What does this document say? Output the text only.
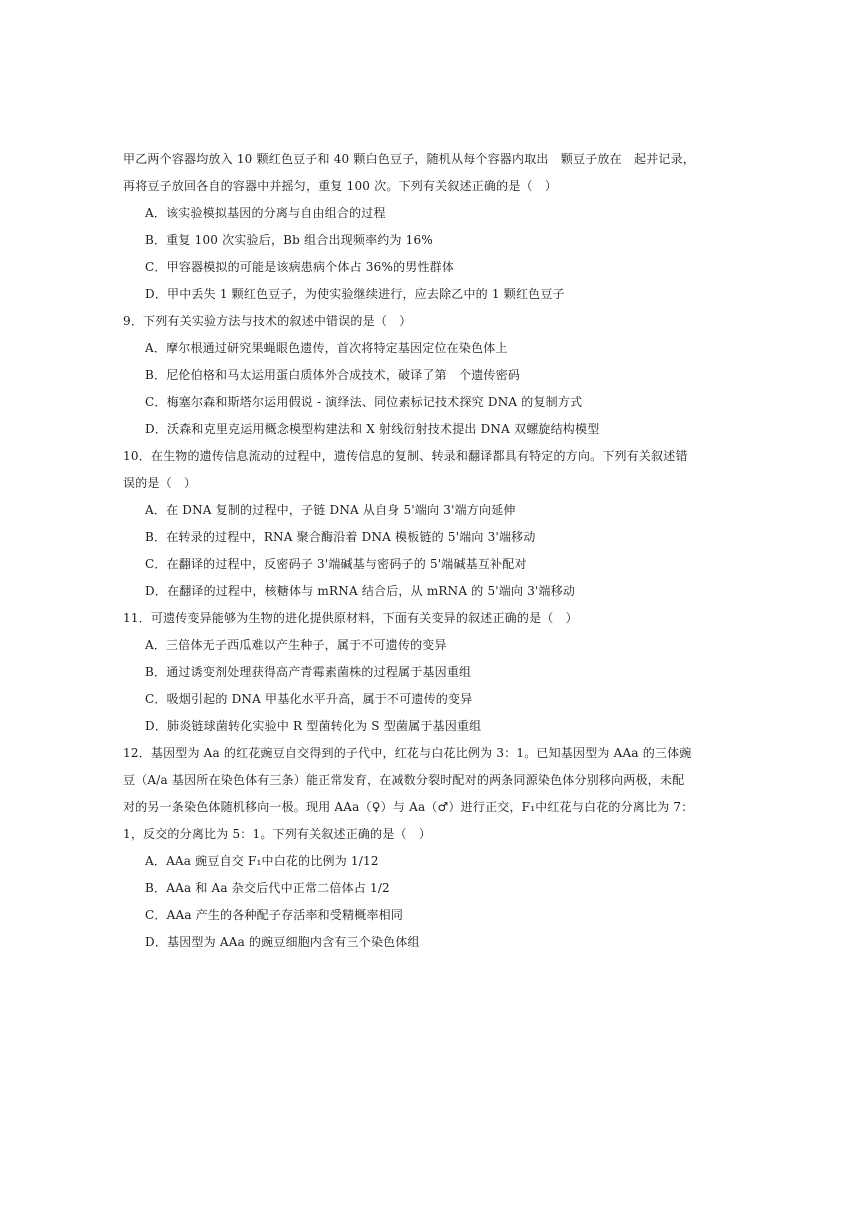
甲乙两个容器均放入 10 颗红色豆子和 40 颗白色豆子，随机从每个容器内取出　颗豆子放在　起并记录，
再将豆子放回各自的容器中并摇匀，重复 100 次。下列有关叙述正确的是（　）
A．该实验模拟基因的分离与自由组合的过程
B．重复 100 次实验后，Bb 组合出现频率约为 16%
C．甲容器模拟的可能是该病患病个体占 36%的男性群体
D．甲中丢失 1 颗红色豆子，为使实验继续进行，应去除乙中的 1 颗红色豆子
9．下列有关实验方法与技术的叙述中错误的是（　）
A．摩尔根通过研究果蝇眼色遗传，首次将特定基因定位在染色体上
B．尼伦伯格和马太运用蛋白质体外合成技术，破译了第　个遗传密码
C．梅塞尔森和斯塔尔运用假说 - 演绎法、同位素标记技术探究 DNA 的复制方式
D．沃森和克里克运用概念模型构建法和 X 射线衍射技术提出 DNA 双螺旋结构模型
10．在生物的遗传信息流动的过程中，遗传信息的复制、转录和翻译都具有特定的方向。下列有关叙述错
误的是（　）
A．在 DNA 复制的过程中，子链 DNA 从自身 5'端向 3'端方向延伸
B．在转录的过程中，RNA 聚合酶沿着 DNA 模板链的 5'端向 3'端移动
C．在翻译的过程中，反密码子 3'端碱基与密码子的 5'端碱基互补配对
D．在翻译的过程中，核糖体与 mRNA 结合后，从 mRNA 的 5'端向 3'端移动
11．可遗传变异能够为生物的进化提供原材料，下面有关变异的叙述正确的是（　）
A．三倍体无子西瓜难以产生种子，属于不可遗传的变异
B．通过诱变剂处理获得高产青霉素菌株的过程属于基因重组
C．吸烟引起的 DNA 甲基化水平升高，属于不可遗传的变异
D．肺炎链球菌转化实验中 R 型菌转化为 S 型菌属于基因重组
12．基因型为 Aa 的红花豌豆自交得到的子代中，红花与白花比例为 3：1。已知基因型为 AAa 的三体豌
豆（A/a 基因所在染色体有三条）能正常发育，在减数分裂时配对的两条同源染色体分别移向两极，未配
对的另一条染色体随机移向一极。现用 AAa（♀）与 Aa（♂）进行正交，F₁中红花与白花的分离比为 7：
1，反交的分离比为 5：1。下列有关叙述正确的是（　）
A．AAa 豌豆自交 F₁中白花的比例为 1/12
B．AAa 和 Aa 杂交后代中正常二倍体占 1/2
C．AAa 产生的各种配子存活率和受精概率相同
D．基因型为 AAa 的豌豆细胞内含有三个染色体组
